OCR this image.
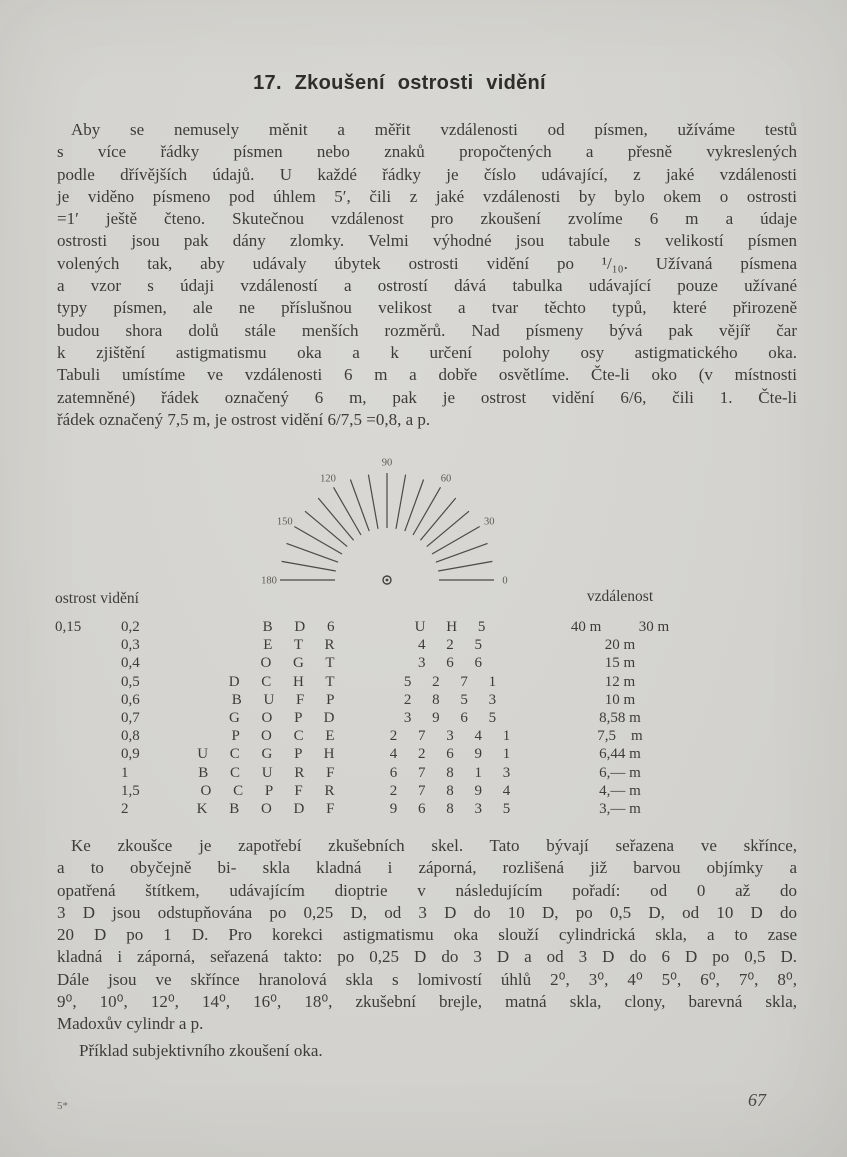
17. Zkoušení ostrosti vidění
Aby se nemusely měnit a měřit vzdálenosti od písmen, užíváme testů
s více řádky písmen nebo znaků propočtených a přesně vykreslených
podle dřívějších údajů. U každé řádky je číslo udávající, z jaké vzdálenosti
je viděno písmeno pod úhlem 5′, čili z jaké vzdálenosti by bylo okem o ostrosti
=1′ ještě čteno. Skutečnou vzdálenost pro zkoušení zvolíme 6 m a údaje
ostrosti jsou pak dány zlomky. Velmi výhodné jsou tabule s velikostí písmen
volených tak, aby udávaly úbytek ostrosti vidění po ¹/₁₀. Užívaná písmena
a vzor s údaji vzdáleností a ostrostí dává tabulka udávající pouze užívané
typy písmen, ale ne příslušnou velikost a tvar těchto typů, které přirozeně
budou shora dolů stále menších rozměrů. Nad písmeny bývá pak vějíř čar
k zjištění astigmatismu oka a k určení polohy osy astigmatického oka.
Tabuli umístíme ve vzdálenosti 6 m a dobře osvětlíme. Čte-li oko (v místnosti
zatemněné) řádek označený 6 m, pak je ostrost vidění 6/6, čili 1. Čte-li
řádek označený 7,5 m, je ostrost vidění 6/7,5 =0,8, a p.
0
30
60
90
120
150
180
ostrost vidění	vzdálenost
0,15	0,2	B D 6	U H 5	40 m   30 m
0,3	E T R	4 2 5	20 m
0,4	O G T	3 6 6	15 m
0,5	D C H T	5 2 7 1	12 m
0,6	B U F P	2 8 5 3	10 m
0,7	G O P D	3 9 6 5	8,58 m
0,8	P O C E	2 7 3 4 1	7,5 m
0,9	U C G P H	4 2 6 9 1	6,44 m
1	B C U R F	6 7 8 1 3	6,— m
1,5	O C P F R	2 7 8 9 4	4,— m
2	K B O D F	9 6 8 3 5	3,— m
Ke zkoušce je zapotřebí zkušebních skel. Tato bývají seřazena ve skřínce,
a to obyčejně bi- skla kladná i záporná, rozlišená již barvou objímky a
opatřená štítkem, udávajícím dioptrie v následujícím pořadí: od 0 až do
3 D jsou odstupňována po 0,25 D, od 3 D do 10 D, po 0,5 D, od 10 D do
20 D po 1 D. Pro korekci astigmatismu oka slouží cylindrická skla, a to zase
kladná i záporná, seřazená takto: po 0,25 D do 3 D a od 3 D do 6 D po 0,5 D.
Dále jsou ve skřínce hranolová skla s lomivostí úhlů 2⁰, 3⁰, 4⁰ 5⁰, 6⁰, 7⁰, 8⁰,
9⁰, 10⁰, 12⁰, 14⁰, 16⁰, 18⁰, zkušební brejle, matná skla, clony, barevná skla,
Madoxův cylindr a p.
Příklad subjektivního zkoušení oka.
5*	67
